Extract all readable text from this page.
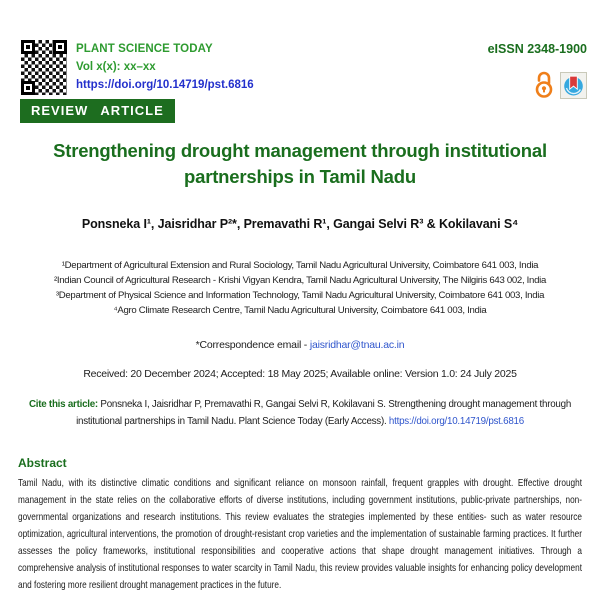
PLANT SCIENCE TODAY
Vol x(x): xx–xx
https://doi.org/10.14719/pst.6816
eISSN 2348-1900
REVIEW ARTICLE
Strengthening drought management through institutional partnerships in Tamil Nadu
Ponsneka I¹, Jaisridhar P²*, Premavathi R¹, Gangai Selvi R³ & Kokilavani S⁴
¹Department of Agricultural Extension and Rural Sociology, Tamil Nadu Agricultural University, Coimbatore 641 003, India
²Indian Council of Agricultural Research - Krishi Vigyan Kendra, Tamil Nadu Agricultural University, The Nilgiris 643 002, India
³Department of Physical Science and Information Technology, Tamil Nadu Agricultural University, Coimbatore 641 003, India
⁴Agro Climate Research Centre, Tamil Nadu Agricultural University, Coimbatore 641 003, India
*Correspondence email - jaisridhar@tnau.ac.in
Received: 20 December 2024; Accepted: 18 May 2025; Available online: Version 1.0: 24 July 2025
Cite this article: Ponsneka I, Jaisridhar P, Premavathi R, Gangai Selvi R, Kokilavani S. Strengthening drought management through institutional partnerships in Tamil Nadu. Plant Science Today (Early Access). https://doi.org/10.14719/pst.6816
Abstract

Tamil Nadu, with its distinctive climatic conditions and significant reliance on monsoon rainfall, frequent grapples with drought. Effective drought management in the state relies on the collaborative efforts of diverse institutions, including government institutions, public-private partnerships, non-governmental organizations and research institutions. This review evaluates the strategies implemented by these entities- such as water resource optimization, agricultural interventions, the promotion of drought-resistant crop varieties and the implementation of sustainable farming practices. It further assesses the policy frameworks, institutional responsibilities and cooperative actions that shape drought management initiatives. Through a comprehensive analysis of institutional responses to water scarcity in Tamil Nadu, this review provides valuable insights for enhancing policy development and fostering more resilient drought management practices in the future.
